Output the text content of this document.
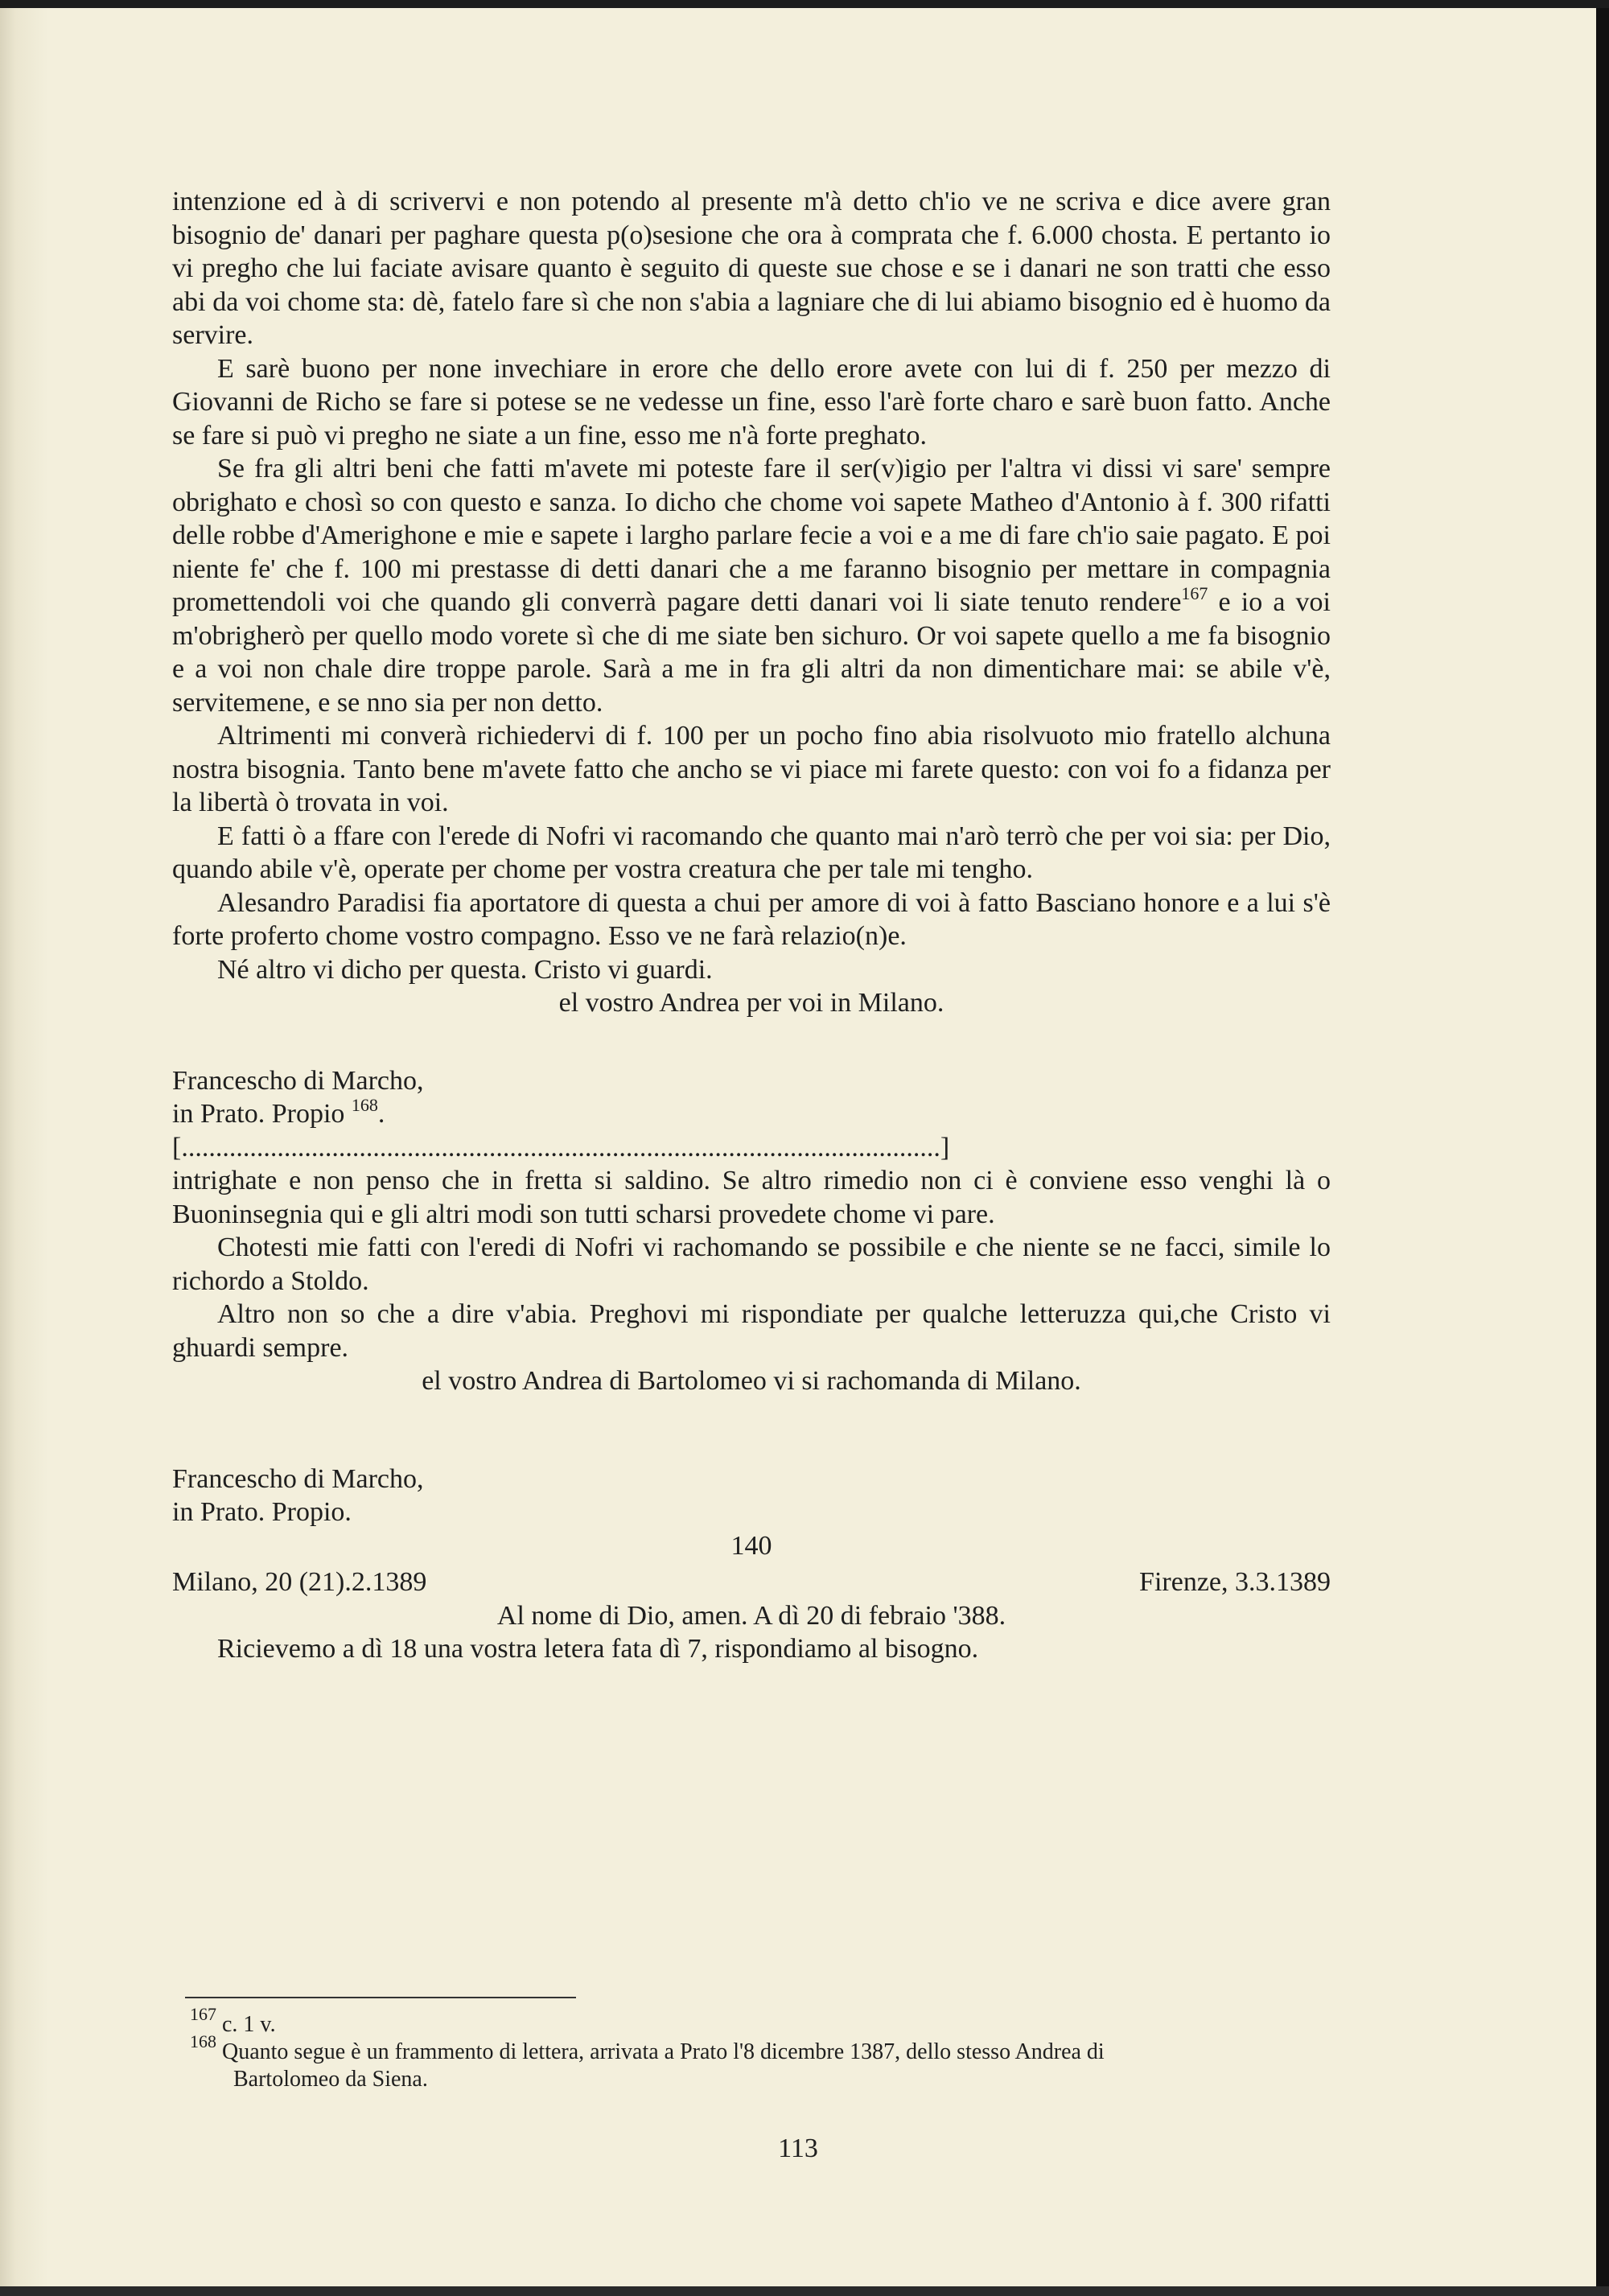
intenzione ed à di scrivervi e non potendo al presente m'à detto ch'io ve ne scriva e dice avere gran bisognio de' danari per paghare questa p(o)sesione che ora à comprata che f. 6.000 chosta. E pertanto io vi pregho che lui faciate avisare quanto è seguito di queste sue chose e se i danari ne son tratti che esso abi da voi chome sta: dè, fatelo fare sì che non s'abia a lagniare che di lui abiamo bisognio ed è huomo da servire.

E sarè buono per none invechiare in erore che dello erore avete con lui di f. 250 per mezzo di Giovanni de Richo se fare si potese se ne vedesse un fine, esso l'arè forte charo e sarè buon fatto. Anche se fare si può vi pregho ne siate a un fine, esso me n'à forte preghato.

Se fra gli altri beni che fatti m'avete mi poteste fare il ser(v)igio per l'altra vi dissi vi sare' sempre obrighato e chosì so con questo e sanza. Io dicho che chome voi sapete Matheo d'Antonio à f. 300 rifatti delle robbe d'Amerighone e mie e sapete i largho parlare fecie a voi e a me di fare ch'io saie pagato. E poi niente fe' che f. 100 mi prestasse di detti danari che a me faranno bisognio per mettare in compagnia promettendoli voi che quando gli converrà pagare detti danari voi li siate tenuto rendere$^{167}$ e io a voi m'obrigherò per quello modo vorete sì che di me siate ben sichuro. Or voi sapete quello a me fa bisognio e a voi non chale dire troppe parole. Sarà a me in fra gli altri da non dimentichare mai: se abile v'è, servitemene, e se nno sia per non detto.

Altrimenti mi converà richiedervi di f. 100 per un pocho fino abia risolvuoto mio fratello alchuna nostra bisognia. Tanto bene m'avete fatto che ancho se vi piace mi farete questo: con voi fo a fidanza per la libertà ò trovata in voi.

E fatti ò a ffare con l'erede di Nofri vi racomando che quanto mai n'arò terrò che per voi sia: per Dio, quando abile v'è, operate per chome per vostra creatura che per tale mi tengho.

Alesandro Paradisi fia aportatore di questa a chui per amore di voi à fatto Basciano honore e a lui s'è forte proferto chome vostro compagno. Esso ve ne farà relazio(n)e.

Né altro vi dicho per questa. Cristo vi guardi.

el vostro Andrea per voi in Milano.

Francescho di Marcho,

in Prato. Propio $^{168}$.

[...............................................................................................................]

intrighate e non penso che in fretta si saldino. Se altro rimedio non ci è conviene esso venghi là o Buoninsegnia qui e gli altri modi son tutti scharsi provedete chome vi pare.

Chotesti mie fatti con l'eredi di Nofri vi rachomando se possibile e che niente se ne facci, simile lo richordo a Stoldo.

Altro non so che a dire v'abia. Preghovi mi rispondiate per qualche letteruzza qui,che Cristo vi ghuardi sempre.

el vostro Andrea di Bartolomeo vi si rachomanda di Milano.

Francescho di Marcho,

in Prato. Propio.

140

Milano, 20 (21).2.1389	Firenze, 3.3.1389

Al nome di Dio, amen. A dì 20 di febraio '388.

Ricievemo a dì 18 una vostra letera fata dì 7, rispondiamo al bisogno.

$^{167}$ c. 1 v.

$^{168}$ Quanto segue è un frammento di lettera, arrivata a Prato l'8 dicembre 1387, dello stesso Andrea di

Bartolomeo da Siena.

113
